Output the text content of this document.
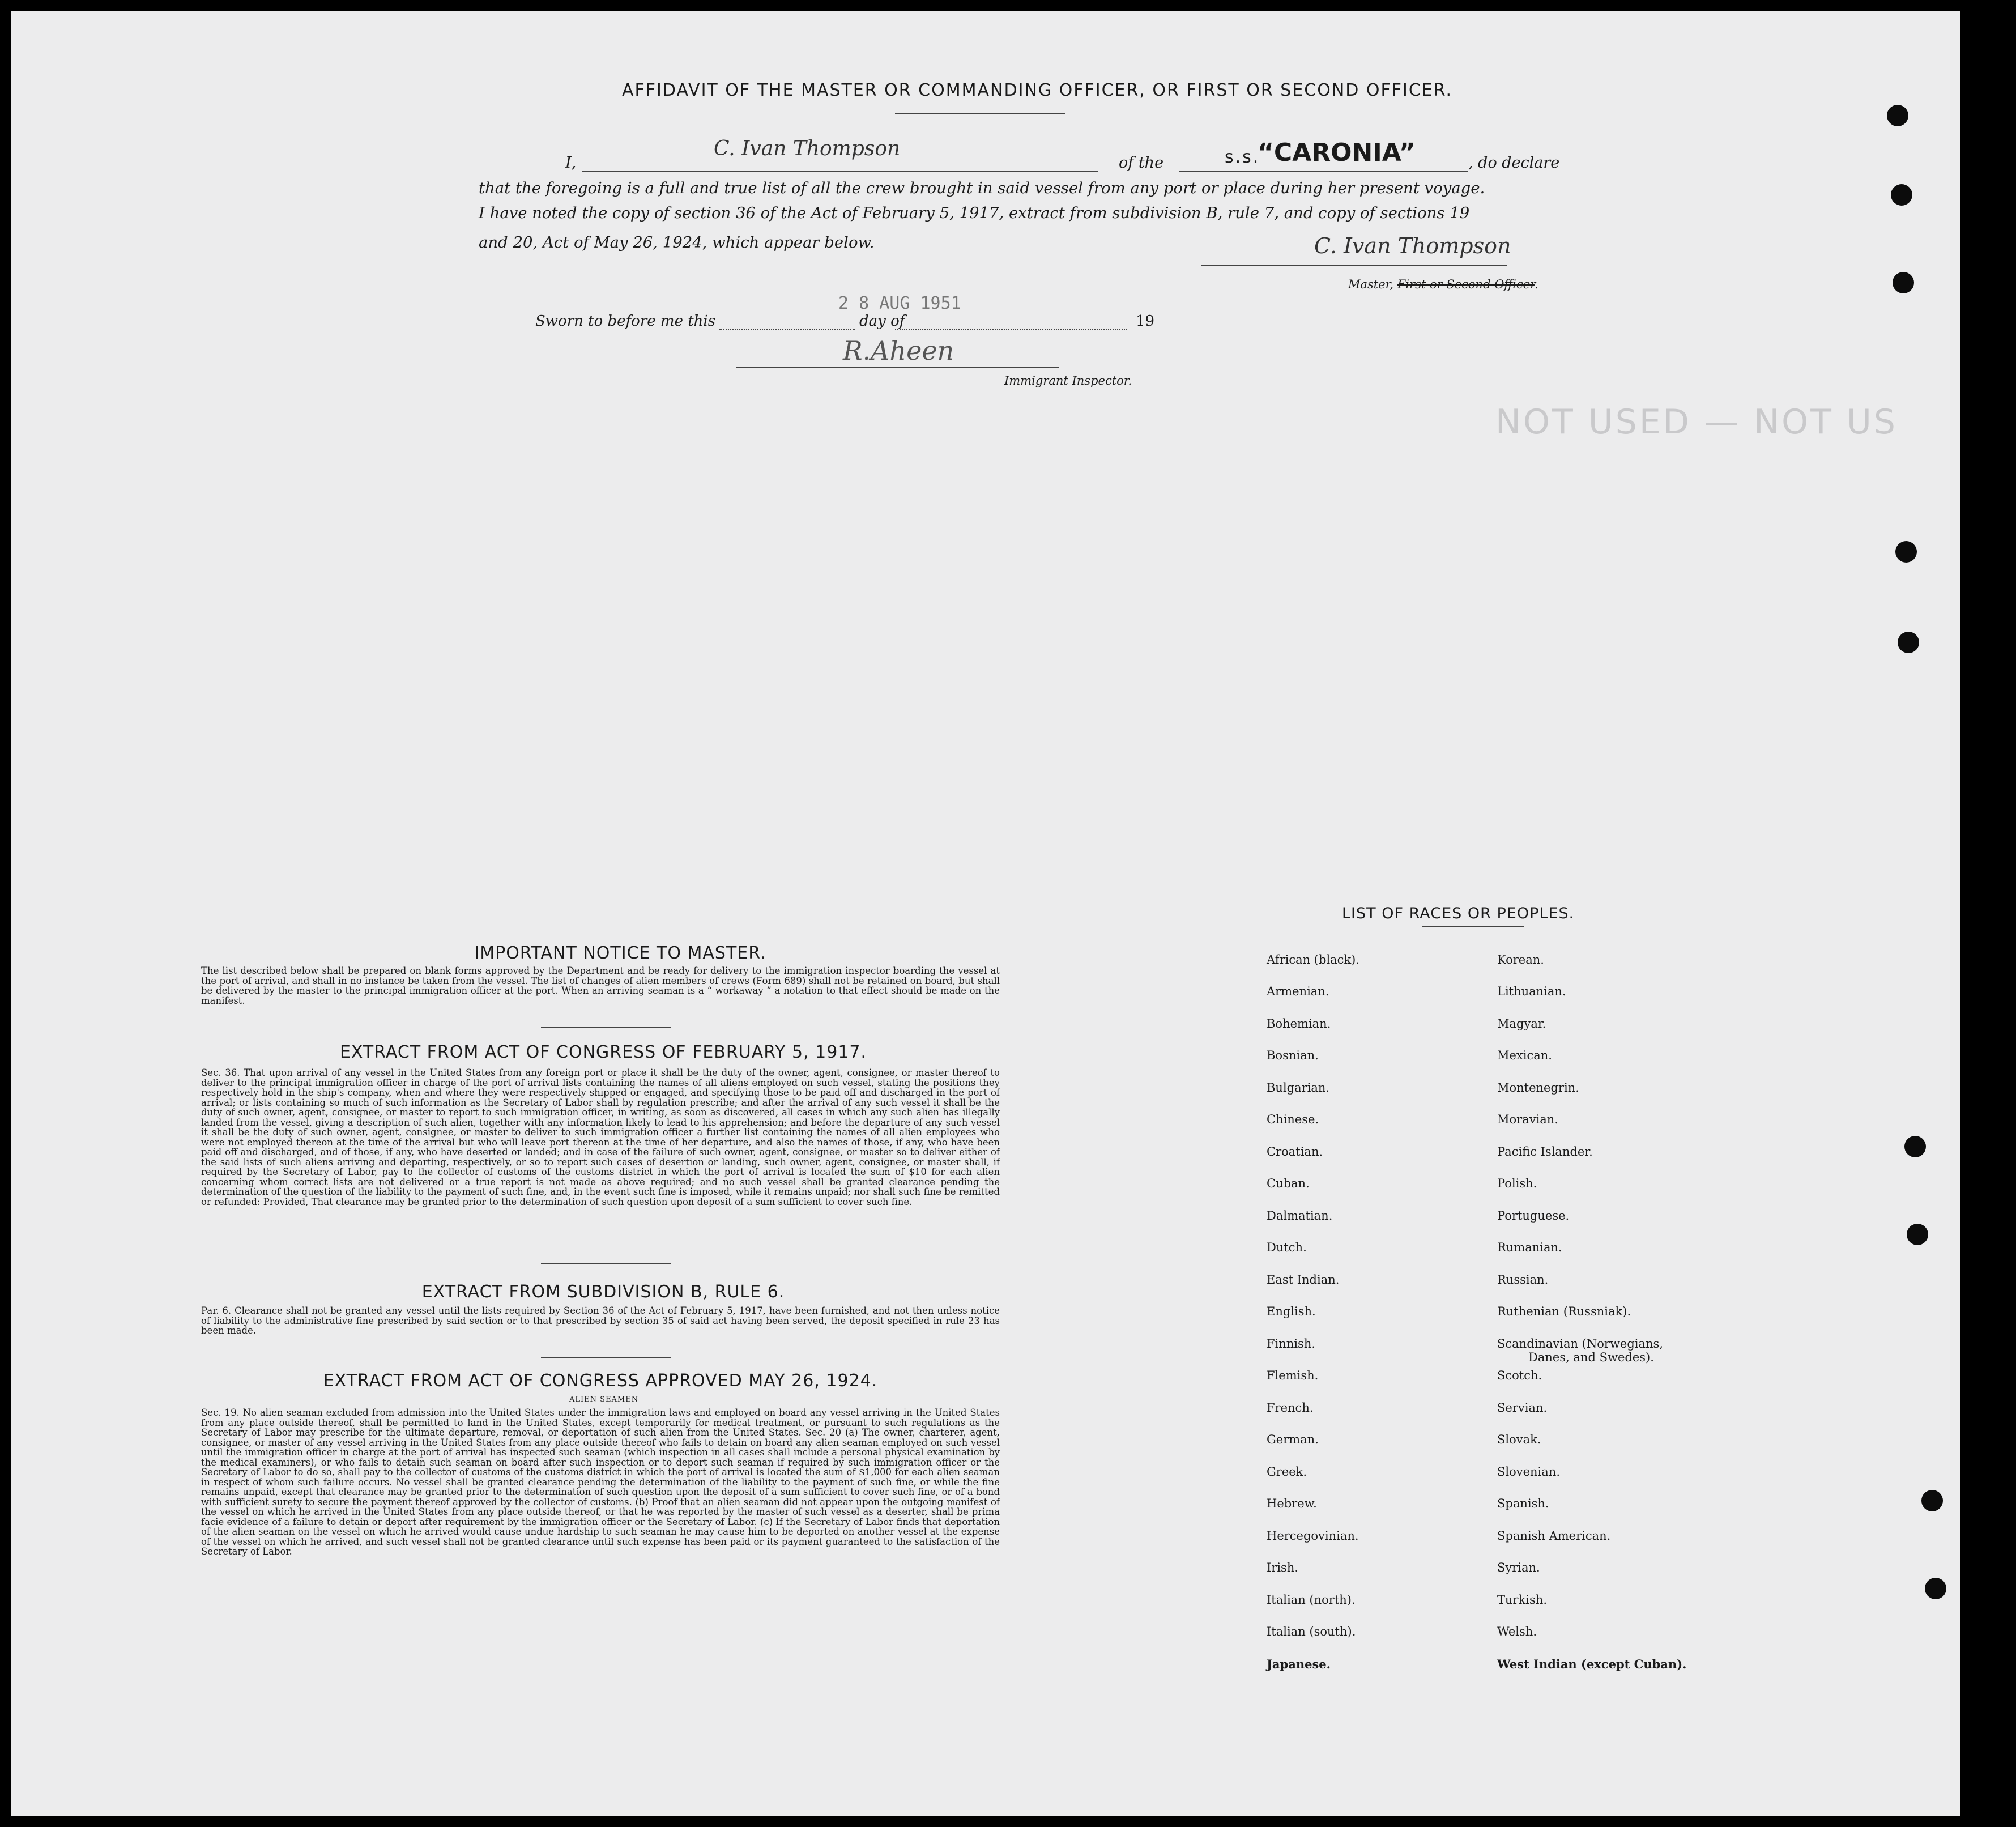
NOT USED — NOT US
AFFIDAVIT OF THE MASTER OR COMMANDING OFFICER, OR FIRST OR SECOND OFFICER.
I,
C. Ivan Thompson
of the	s.s.
“CARONIA”	, do declare
that the foregoing is a full and true list of all the crew brought in said vessel from any port or place during her present voyage.
I have noted the copy of section 36 of the Act of February 5, 1917, extract from subdivision B, rule 7, and copy of sections 19
and 20, Act of May 26, 1924, which appear below.	C. Ivan Thompson
Master, First or Second Officer.
Sworn to before me this
2 8 AUG 1951
day of	19
R.Aheen
Immigrant Inspector.
IMPORTANT NOTICE TO MASTER.
The list described below shall be prepared on blank forms approved by the Department and be ready for delivery to the immigration inspector boarding the vessel at the port of arrival, and shall in no instance be taken from the vessel. The list of changes of alien members of crews (Form 689) shall not be retained on board, but shall be delivered by the master to the principal immigration officer at the port. When an arriving seaman is a “ workaway ” a notation to that effect should be made on the manifest.
EXTRACT FROM ACT OF CONGRESS OF FEBRUARY 5, 1917.
Sec. 36. That upon arrival of any vessel in the United States from any foreign port or place it shall be the duty of the owner, agent, consignee, or master thereof to deliver to the principal immigration officer in charge of the port of arrival lists containing the names of all aliens employed on such vessel, stating the positions they respectively hold in the ship's company, when and where they were respectively shipped or engaged, and specifying those to be paid off and discharged in the port of arrival; or lists containing so much of such information as the Secretary of Labor shall by regulation prescribe; and after the arrival of any such vessel it shall be the duty of such owner, agent, consignee, or master to report to such immigration officer, in writing, as soon as discovered, all cases in which any such alien has illegally landed from the vessel, giving a description of such alien, together with any information likely to lead to his apprehension; and before the departure of any such vessel it shall be the duty of such owner, agent, consignee, or master to deliver to such immigration officer a further list containing the names of all alien employees who were not employed thereon at the time of the arrival but who will leave port thereon at the time of her departure, and also the names of those, if any, who have been paid off and discharged, and of those, if any, who have deserted or landed; and in case of the failure of such owner, agent, consignee, or master so to deliver either of the said lists of such aliens arriving and departing, respectively, or so to report such cases of desertion or landing, such owner, agent, consignee, or master shall, if required by the Secretary of Labor, pay to the collector of customs of the customs district in which the port of arrival is located the sum of $10 for each alien concerning whom correct lists are not delivered or a true report is not made as above required; and no such vessel shall be granted clearance pending the determination of the question of the liability to the payment of such fine, and, in the event such fine is imposed, while it remains unpaid; nor shall such fine be remitted or refunded: Provided, That clearance may be granted prior to the determination of such question upon deposit of a sum sufficient to cover such fine.
EXTRACT FROM SUBDIVISION B, RULE 6.
Par. 6. Clearance shall not be granted any vessel until the lists required by Section 36 of the Act of February 5, 1917, have been furnished, and not then unless notice of liability to the administrative fine prescribed by said section or to that prescribed by section 35 of said act having been served, the deposit specified in rule 23 has been made.
EXTRACT FROM ACT OF CONGRESS APPROVED MAY 26, 1924.
ALIEN SEAMEN
Sec. 19. No alien seaman excluded from admission into the United States under the immigration laws and employed on board any vessel arriving in the United States from any place outside thereof, shall be permitted to land in the United States, except temporarily for medical treatment, or pursuant to such regulations as the Secretary of Labor may prescribe for the ultimate departure, removal, or deportation of such alien from the United States. Sec. 20 (a) The owner, charterer, agent, consignee, or master of any vessel arriving in the United States from any place outside thereof who fails to detain on board any alien seaman employed on such vessel until the immigration officer in charge at the port of arrival has inspected such seaman (which inspection in all cases shall include a personal physical examination by the medical examiners), or who fails to detain such seaman on board after such inspection or to deport such seaman if required by such immigration officer or the Secretary of Labor to do so, shall pay to the collector of customs of the customs district in which the port of arrival is located the sum of $1,000 for each alien seaman in respect of whom such failure occurs. No vessel shall be granted clearance pending the determination of the liability to the payment of such fine, or while the fine remains unpaid, except that clearance may be granted prior to the determination of such question upon the deposit of a sum sufficient to cover such fine, or of a bond with sufficient surety to secure the payment thereof approved by the collector of customs. (b) Proof that an alien seaman did not appear upon the outgoing manifest of the vessel on which he arrived in the United States from any place outside thereof, or that he was reported by the master of such vessel as a deserter, shall be prima facie evidence of a failure to detain or deport after requirement by the immigration officer or the Secretary of Labor. (c) If the Secretary of Labor finds that deportation of the alien seaman on the vessel on which he arrived would cause undue hardship to such seaman he may cause him to be deported on another vessel at the expense of the vessel on which he arrived, and such vessel shall not be granted clearance until such expense has been paid or its payment guaranteed to the satisfaction of the Secretary of Labor.
LIST OF RACES OR PEOPLES.
African (black).
Armenian.
Bohemian.
Bosnian.
Bulgarian.
Chinese.
Croatian.
Cuban.
Dalmatian.
Dutch.
East Indian.
English.
Finnish.
Flemish.
French.
German.
Greek.
Hebrew.
Hercegovinian.
Irish.
Italian (north).
Italian (south).
Japanese.
Korean.
Lithuanian.
Magyar.
Mexican.
Montenegrin.
Moravian.
Pacific Islander.
Polish.
Portuguese.
Rumanian.
Russian.
Ruthenian (Russniak).
Scandinavian (Norwegians,
Danes, and Swedes).
Scotch.
Servian.
Slovak.
Slovenian.
Spanish.
Spanish American.
Syrian.
Turkish.
Welsh.
West Indian (except Cuban).
